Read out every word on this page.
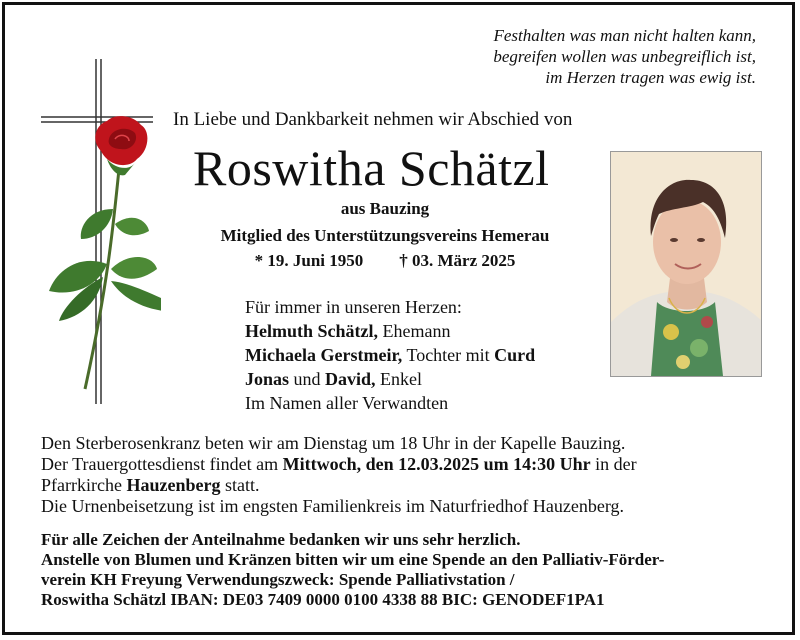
Festhalten was man nicht halten kann,
begreifen wollen was unbegreiflich ist,
im Herzen tragen was ewig ist.
In Liebe und Dankbarkeit nehmen wir Abschied von
Roswitha Schätzl
aus Bauzing
Mitglied des Unterstützungsvereins Hemerau
* 19. Juni 1950 † 03. März 2025
Für immer in unseren Herzen:
Helmuth Schätzl, Ehemann
Michaela Gerstmeir, Tochter mit Curd
Jonas und David, Enkel
Im Namen aller Verwandten
Den Sterberosenkranz beten wir am Dienstag um 18 Uhr in der Kapelle Bauzing.
Der Trauergottesdienst findet am Mittwoch, den 12.03.2025 um 14:30 Uhr in der
Pfarrkirche Hauzenberg statt.
Die Urnenbeisetzung ist im engsten Familienkreis im Naturfriedhof Hauzenberg.
Für alle Zeichen der Anteilnahme bedanken wir uns sehr herzlich.
Anstelle von Blumen und Kränzen bitten wir um eine Spende an den Palliativ-Förder-
verein KH Freyung Verwendungszweck: Spende Palliativstation /
Roswitha Schätzl IBAN: DE03 7409 0000 0100 4338 88 BIC: GENODEF1PA1
